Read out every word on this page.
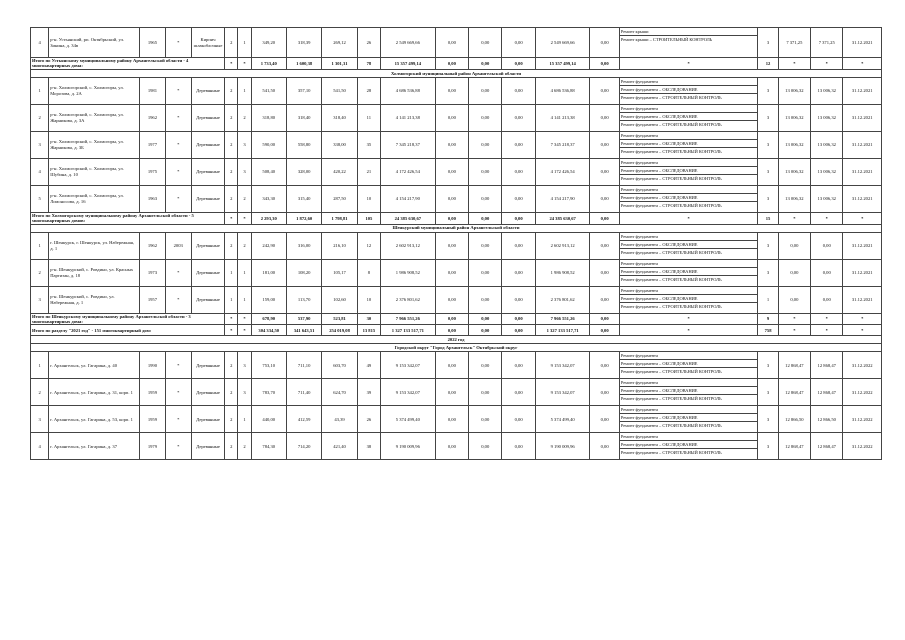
4	р-н. Устьянский, рп. Октябрьский, ул. Зинина, д. 34в	1965	*	Кирпич шлакоблочные	2	1	349,20	318,39	269,12	26	2 549 669,66	0,00	0,00	0,00	2 549 669,66	0,00	Ремонт крыши
Ремонт крыши – СТРОИТЕЛЬНЫЙ КОНТРОЛЬ	3	7 371,25	7 371,25	31.12.2021
Итого по Устьянскому муниципальному району Архангельской области - 4 многоквартирных дома:					*	*	1 733,40	1 600,38	1 301,31	78	15 357 499,14	0,00	0,00	0,00	15 357 499,14	0,00	*	12	*	*	*
Холмогорский муниципальный район Архангельской области																					
1	р-н. Холмогорский, с. Холмогоры, ул. Морозова, д. 2А	1981	*	Деревянные	2	1	541,50	357,10	541,50	28	4 686 536,88	0,00	0,00	0,00	4 686 536,88	0,00	Ремонт фундамента
Ремонт фундамента – ОБСЛЕДОВАНИЕ
Ремонт фундамента – СТРОИТЕЛЬНЫЙ КОНТРОЛЬ	3	13 006,32	13 006,32	31.12.2021
2	р-н. Холмогорский, с. Холмогоры, ул. Жарникова, д. 3А	1962	*	Деревянные	2	2	318,80	318,40	318,40	11	4 141 213,38	0,00	0,00	0,00	4 141 213,38	0,00	Ремонт фундамента
Ремонт фундамента – ОБСЛЕДОВАНИЕ
Ремонт фундамента – СТРОИТЕЛЬНЫЙ КОНТРОЛЬ	3	13 006,32	13 006,32	31.12.2021
3	р-н. Холмогорский, с. Холмогоры, ул. Жарникова, д. 3Б	1977	*	Деревянные	2	3	590,00	558,80	338,00	35	7 345 218,37	0,00	0,00	0,00	7 345 218,37	0,00	Ремонт фундамента
Ремонт фундамента – ОБСЛЕДОВАНИЕ
Ремонт фундамента – СТРОИТЕЛЬНЫЙ КОНТРОЛЬ	3	13 006,32	13 006,32	31.12.2021
4	р-н. Холмогорский, с. Холмогоры, ул. Шубина, д. 10	1975	*	Деревянные	2	3	508,40	328,00	420,22	21	4 172 426,54	0,00	0,00	0,00	4 172 426,54	0,00	Ремонт фундамента
Ремонт фундамента – ОБСЛЕДОВАНИЕ
Ремонт фундамента – СТРОИТЕЛЬНЫЙ КОНТРОЛЬ	3	13 006,32	13 006,32	31.12.2021
5	р-н. Холмогорский, с. Холмогоры, ул. Ломоносова, д. 16	1963	*	Деревянные	2	2	343,30	315,40	287,50	10	4 154 217,90	0,00	0,00	0,00	4 154 217,90	0,00	Ремонт фундамента
Ремонт фундамента – ОБСЛЕДОВАНИЕ
Ремонт фундамента – СТРОИТЕЛЬНЫЙ КОНТРОЛЬ	3	13 006,32	13 006,32	31.12.2021
Итого по Холмогорскому муниципальному району Архангельской области - 5 многоквартирных домов:					*	*	2 293,30	1 872,60	1 798,81	105	24 385 630,67	0,00	0,00	0,00	24 385 630,67	0,00	*	15	*	*	*
Шенкурский муниципальный район Архангельской области																					
1	г. Шенкурск, г. Шенкурск, ул. Набережная, д. 1	1962	2003	Деревянные	2	2	242,90	316,00	216,10	12	2 602 913,12	0,00	0,00	0,00	2 602 913,12	0,00	Ремонт фундамента
Ремонт фундамента – ОБСЛЕДОВАНИЕ
Ремонт фундамента – СТРОИТЕЛЬНЫЙ КОНТРОЛЬ	3	0,00	0,00	31.12.2021
2	р-н. Шенкурский, с. Ровдино, ул. Красных Партизан, д. 18	1973	*	Деревянные	1	1	181,00	108,20	105,17	8	1 986 908,52	0,00	0,00	0,00	1 986 908,52	0,00	Ремонт фундамента
Ремонт фундамента – ОБСЛЕДОВАНИЕ
Ремонт фундамента – СТРОИТЕЛЬНЫЙ КОНТРОЛЬ	3	0,00	0,00	31.12.2021
3	р-н. Шенкурский, с. Ровдино, ул. Набережная, д. 1	1957	*	Деревянные	1	1	159,00	113,70	102,60	10	2 376 801,62	0,00	0,00	0,00	2 376 801,62	0,00	Ремонт фундамента
Ремонт фундамента – ОБСЛЕДОВАНИЕ
Ремонт фундамента – СТРОИТЕЛЬНЫЙ КОНТРОЛЬ	1	0,00	0,00	31.12.2021
Итого по Шенкурскому муниципальному району Архангельской области - 3 многоквартирных дома:					*	*	678,90	537,90	523,81	30	7 966 551,26	0,00	0,00	0,00	7 966 551,26	0,00	*	9	*	*	*
Итого по разделу "2021 год" - 151 многоквартирный дом:					*	*	304 334,50	341 643,51	254 019,08	13 815	1 327 133 517,71	0,00	0,00	0,00	1 327 133 517,71	0,00	*	758	*	*	*
2022 год																					
Городской округ "Город Архангельск" Октябрьский округ																					
1	г. Архангельск, ул. Гагарина, д. 40	1990	*	Деревянные	2	3	753,10	711,10	603,70	49	9 153 342,07	0,00	0,00	0,00	9 153 342,07	0,00	Ремонт фундамента
Ремонт фундамента – ОБСЛЕДОВАНИЕ
Ремонт фундамента – СТРОИТЕЛЬНЫЙ КОНТРОЛЬ	3	12 868,47	12 868,47	31.12.2022
2	г. Архангельск, ул. Гагарина, д. 31, корп. 1	1959	*	Деревянные	2	3	783,70	711,40	624,70	39	9 153 342,07	0,00	0,00	0,00	9 153 342,07	0,00	Ремонт фундамента
Ремонт фундамента – ОБСЛЕДОВАНИЕ
Ремонт фундамента – СТРОИТЕЛЬНЫЙ КОНТРОЛЬ	3	12 868,47	12 868,47	31.12.2022
3	г. Архангельск, ул. Гагарина, д. 53, корп. 1	1959	*	Деревянные	2	1	440,00	412,59	43,39	26	5 374 499,40	0,00	0,00	0,00	5 374 499,40	0,00	Ремонт фундамента
Ремонт фундамента – ОБСЛЕДОВАНИЕ
Ремонт фундамента – СТРОИТЕЛЬНЫЙ КОНТРОЛЬ	3	12 866,50	12 866,50	31.12.2022
4	г. Архангельск, ул. Гагарина, д. 37	1979	*	Деревянные	2	2	784,30	714,20	421,40	38	9 190 009,96	0,00	0,00	0,00	9 190 009,96	0,00	Ремонт фундамента
Ремонт фундамента – ОБСЛЕДОВАНИЕ
Ремонт фундамента – СТРОИТЕЛЬНЫЙ КОНТРОЛЬ	3	12 868,47	12 868,47	31.12.2022
